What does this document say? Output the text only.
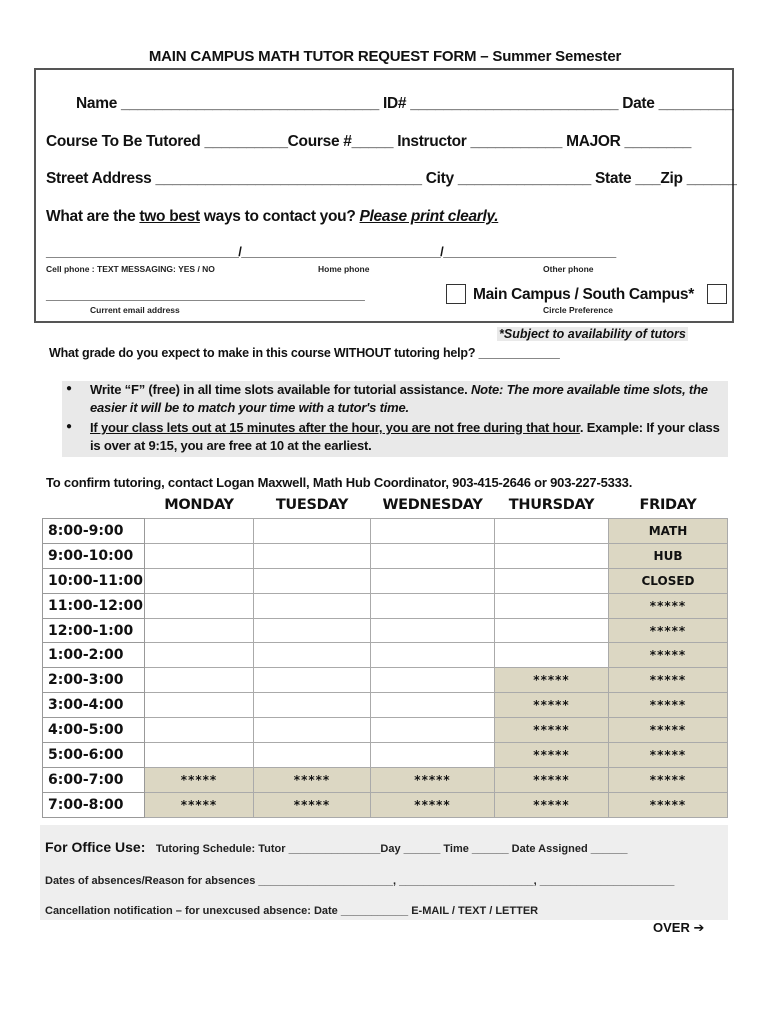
MAIN CAMPUS MATH TUTOR REQUEST FORM – Summer Semester
Name _______________________________ ID# _________________________ Date _________
Course To Be Tutored __________Course #_____ Instructor ___________ MAJOR ________
Street Address ________________________________ City ________________ State ___Zip ______
What are the two best ways to contact you? Please print clearly.
_____________________________/______________________________/__________________________
Cell phone : TEXT MESSAGING: YES / NO	Home phone	Other phone
________________________________________________
Current email address
Main Campus / South Campus*
Circle Preference
*Subject to availability of tutors
What grade do you expect to make in this course WITHOUT tutoring help? ____________
● Write “F” (free) in all time slots available for tutorial assistance. Note: The more available time slots, the easier it will be to match your time with a tutor's time.
● If your class lets out at 15 minutes after the hour, you are not free during that hour. Example: If your class is over at 9:15, you are free at 10 at the earliest.
To confirm tutoring, contact Logan Maxwell, Math Hub Coordinator, 903-415-2646 or 903-227-5333.
	MONDAY	TUESDAY	WEDNESDAY	THURSDAY	FRIDAY
8:00-9:00					MATH
9:00-10:00					HUB
10:00-11:00					CLOSED
11:00-12:00					*****
12:00-1:00					*****
1:00-2:00					*****
2:00-3:00				*****	*****
3:00-4:00				*****	*****
4:00-5:00				*****	*****
5:00-6:00				*****	*****
6:00-7:00	*****	*****	*****	*****	*****
7:00-8:00	*****	*****	*****	*****	*****
For Office Use: Tutoring Schedule: Tutor _______________Day ______ Time ______ Date Assigned ______
Dates of absences/Reason for absences ______________________, ______________________, ______________________
Cancellation notification – for unexcused absence: Date ___________ E-MAIL / TEXT / LETTER
OVER ➔
